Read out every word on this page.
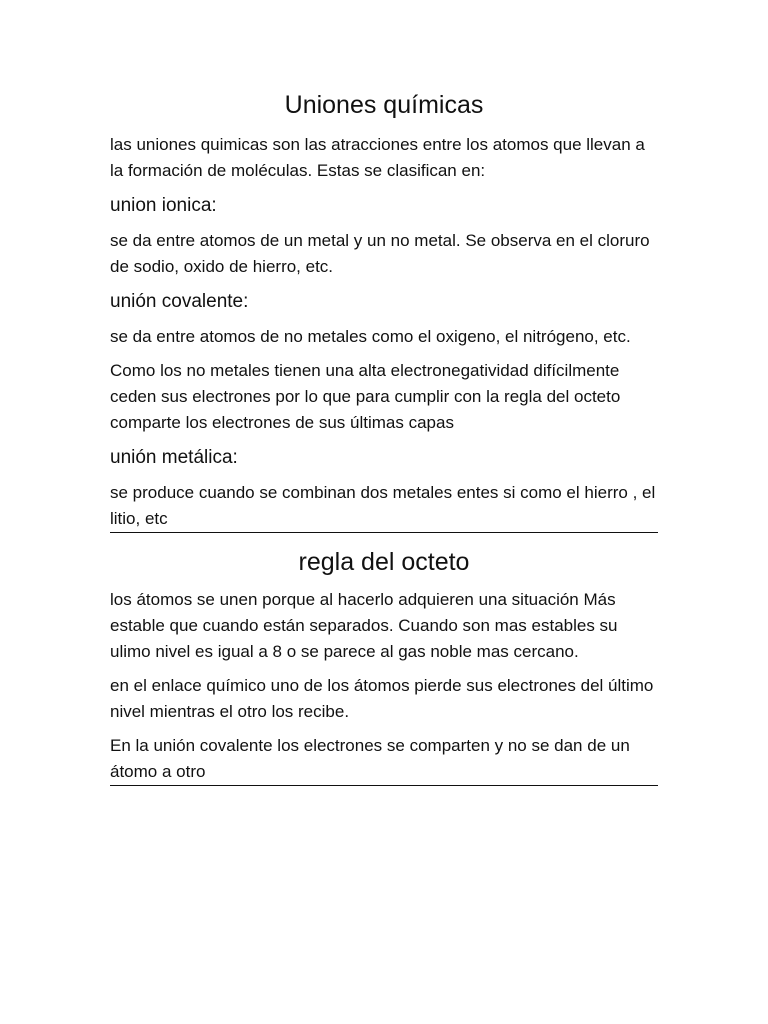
Uniones químicas

las uniones quimicas son las atracciones entre los atomos que llevan a la formación de moléculas. Estas se clasifican en:

union ionica:

se da entre atomos de un metal y un no metal. Se observa en el cloruro de sodio, oxido de hierro, etc.

unión covalente:

se da entre atomos de no metales como el oxigeno, el nitrógeno, etc.

Como los no metales tienen una alta electronegatividad difícilmente ceden sus electrones por lo que para cumplir con la regla del octeto comparte los electrones de sus últimas capas

unión metálica:

se produce cuando se combinan dos metales entes si como el hierro , el litio, etc

regla del octeto

los átomos se unen porque al hacerlo adquieren una situación Más estable que cuando están separados. Cuando son mas estables su ulimo nivel es igual a 8 o se parece al gas noble mas cercano.

en el enlace químico uno de los átomos pierde sus electrones del último nivel mientras el otro los recibe.

En la unión covalente los electrones se comparten y no se dan de un átomo a otro
